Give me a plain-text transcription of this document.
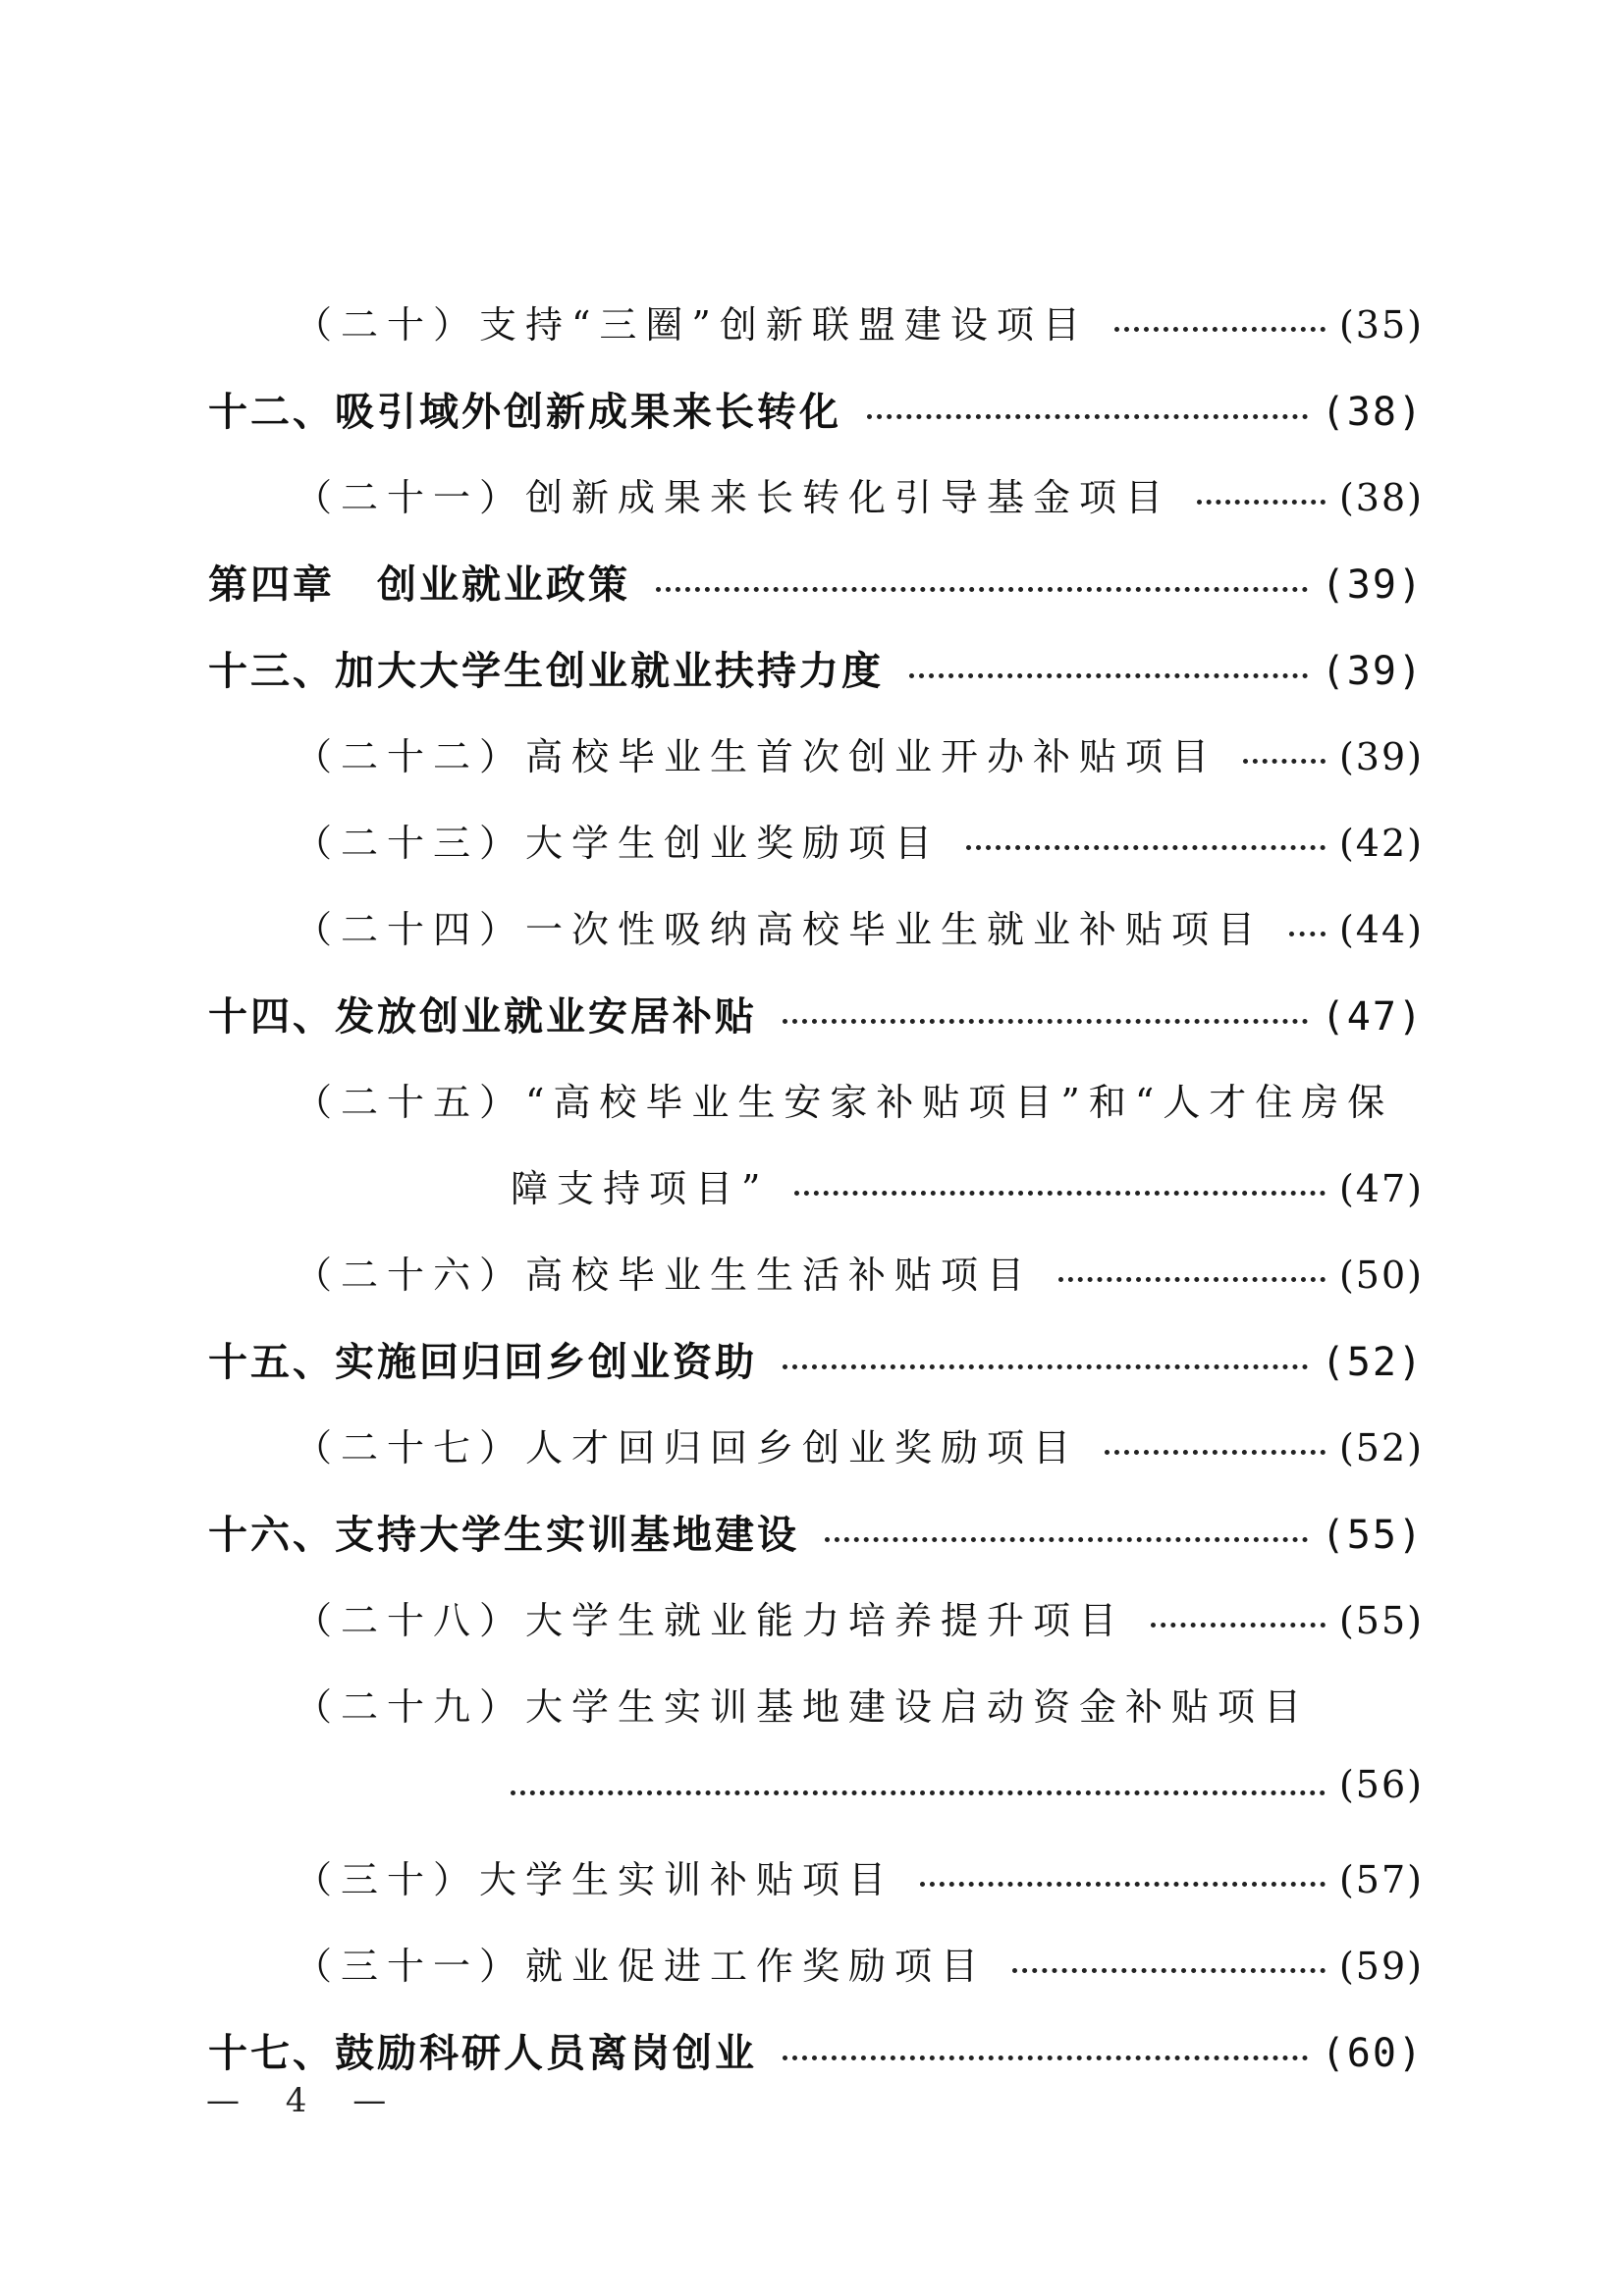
（二十）支持“三圈”创新联盟建设项目	(35)
十二、吸引域外创新成果来长转化	(38)
（二十一）创新成果来长转化引导基金项目	(38)
第四章　创业就业政策	(39)
十三、加大大学生创业就业扶持力度	(39)
（二十二）高校毕业生首次创业开办补贴项目	(39)
（二十三）大学生创业奖励项目	(42)
（二十四）一次性吸纳高校毕业生就业补贴项目 (44)
十四、发放创业就业安居补贴	(47)
（二十五）“高校毕业生安家补贴项目”和“人才住房保
障支持项目”	(47)
（二十六）高校毕业生生活补贴项目	(50)
十五、实施回归回乡创业资助	(52)
（二十七）人才回归回乡创业奖励项目	(52)
十六、支持大学生实训基地建设	(55)
（二十八）大学生就业能力培养提升项目	(55)
（二十九）大学生实训基地建设启动资金补贴项目
(56)
（三十）大学生实训补贴项目	(57)
（三十一）就业促进工作奖励项目	(59)
十七、鼓励科研人员离岗创业	(60)
— 4 —
